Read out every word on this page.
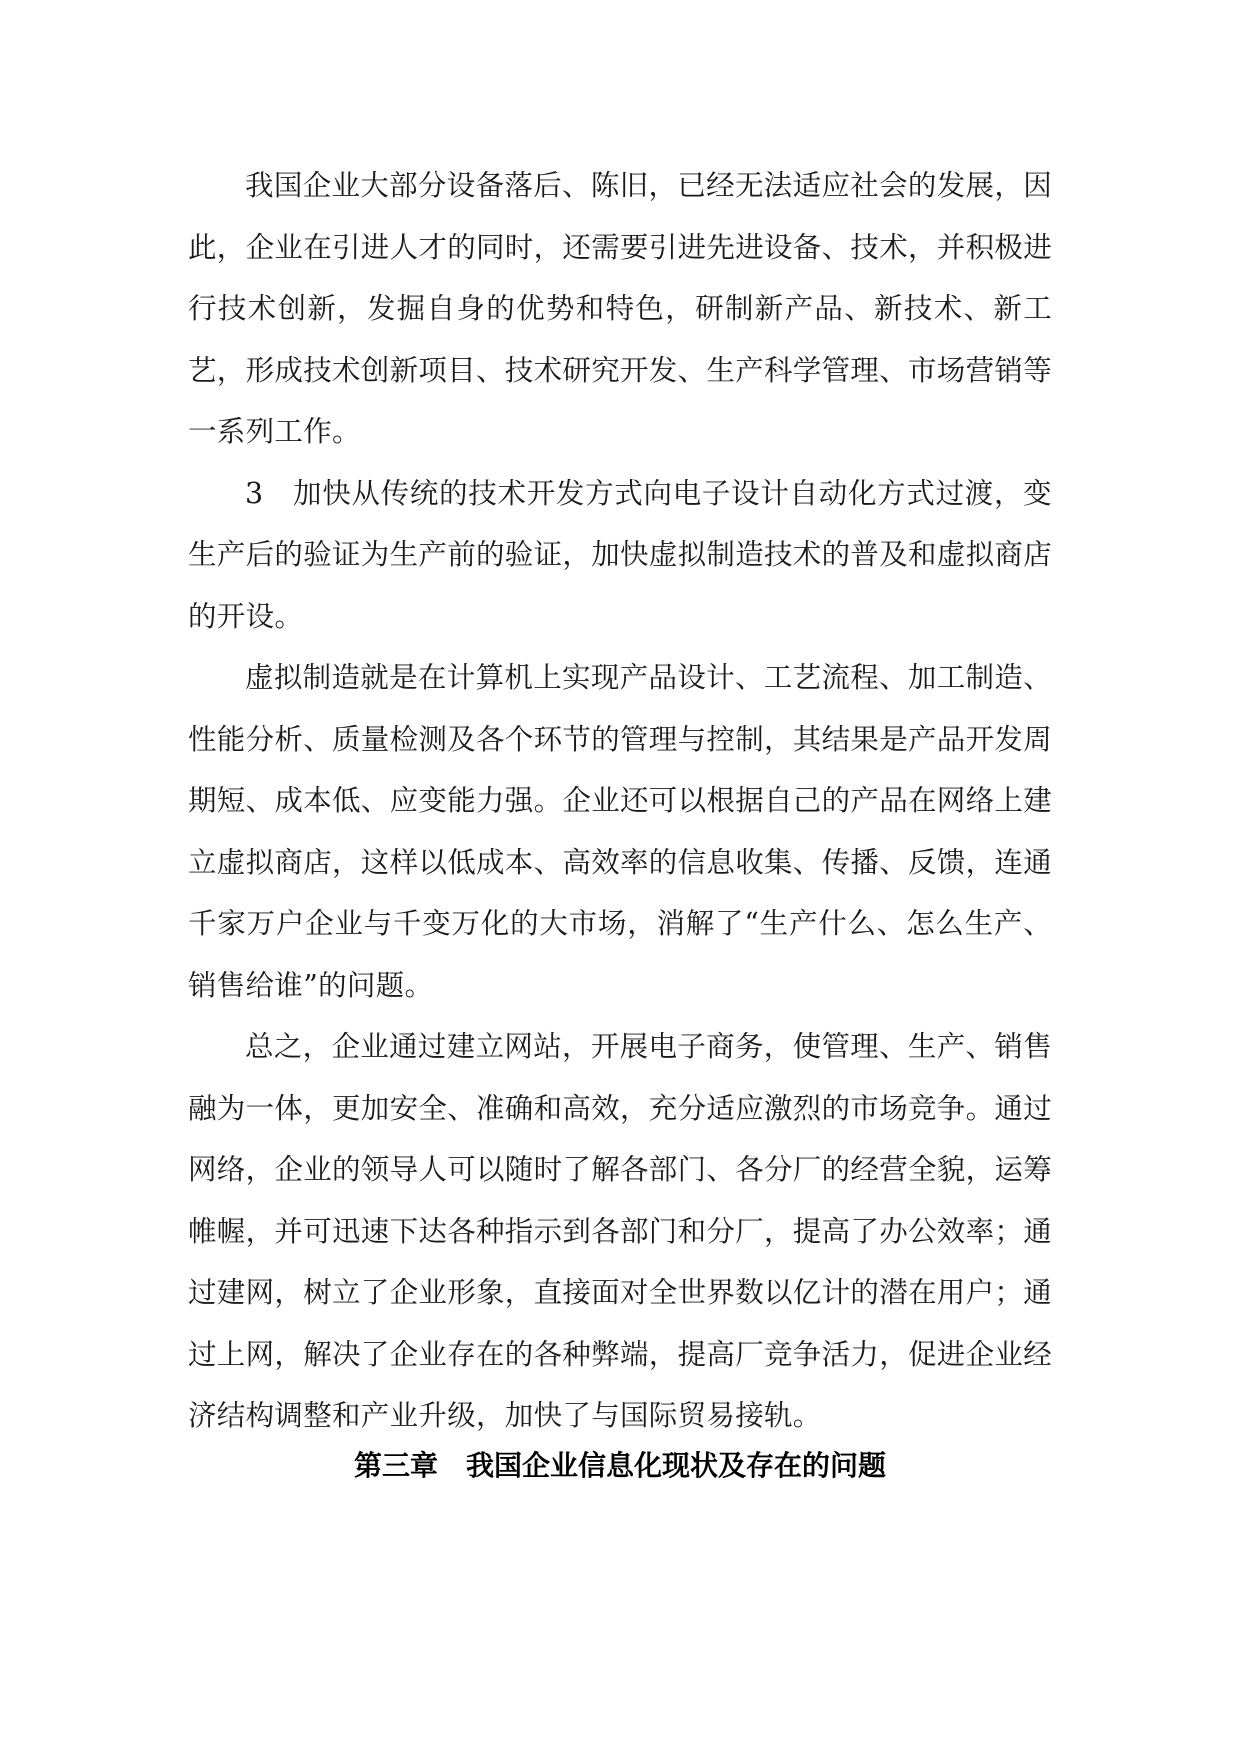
我国企业大部分设备落后、陈旧，已经无法适应社会的发展，因此，企业在引进人才的同时，还需要引进先进设备、技术，并积极进行技术创新，发掘自身的优势和特色，研制新产品、新技术、新工艺，形成技术创新项目、技术研究开发、生产科学管理、市场营销等一系列工作。

3　加快从传统的技术开发方式向电子设计自动化方式过渡，变生产后的验证为生产前的验证，加快虚拟制造技术的普及和虚拟商店的开设。

虚拟制造就是在计算机上实现产品设计、工艺流程、加工制造、性能分析、质量检测及各个环节的管理与控制，其结果是产品开发周期短、成本低、应变能力强。企业还可以根据自己的产品在网络上建立虚拟商店，这样以低成本、高效率的信息收集、传播、反馈，连通千家万户企业与千变万化的大市场，消解了“生产什么、怎么生产、销售给谁”的问题。

总之，企业通过建立网站，开展电子商务，使管理、生产、销售融为一体，更加安全、准确和高效，充分适应激烈的市场竞争。通过网络，企业的领导人可以随时了解各部门、各分厂的经营全貌，运筹帷幄，并可迅速下达各种指示到各部门和分厂，提高了办公效率；通过建网，树立了企业形象，直接面对全世界数以亿计的潜在用户；通过上网，解决了企业存在的各种弊端，提高厂竞争活力，促进企业经济结构调整和产业升级，加快了与国际贸易接轨。

第三章　我国企业信息化现状及存在的问题
